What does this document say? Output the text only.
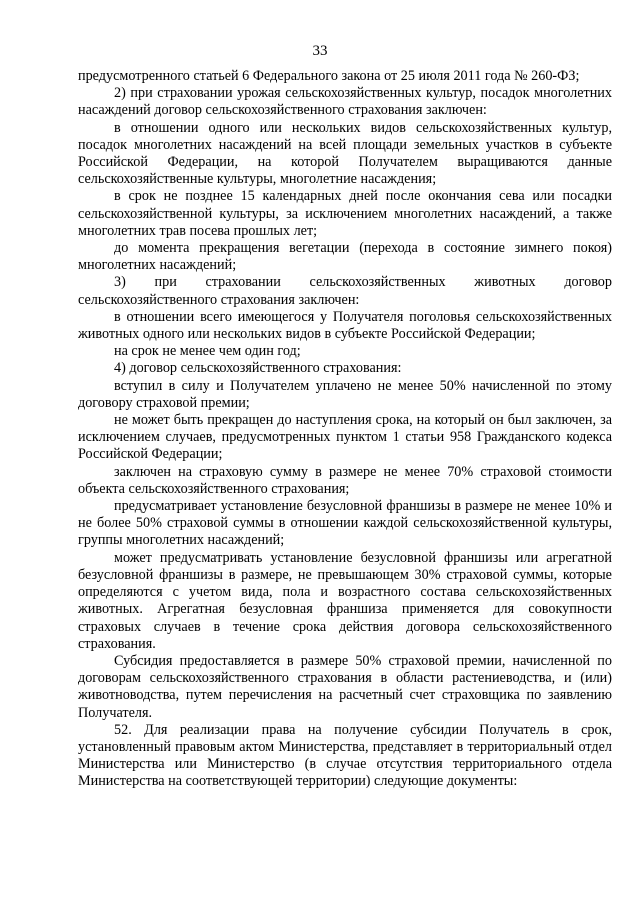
33

предусмотренного статьей 6 Федерального закона от 25 июля 2011 года № 260-ФЗ;

2) при страховании урожая сельскохозяйственных культур, посадок многолетних насаждений договор сельскохозяйственного страхования заключен:

в отношении одного или нескольких видов сельскохозяйственных культур, посадок многолетних насаждений на всей площади земельных участков в субъекте Российской Федерации, на которой Получателем выращиваются данные сельскохозяйственные культуры, многолетние насаждения;

в срок не позднее 15 календарных дней после окончания сева или посадки сельскохозяйственной культуры, за исключением многолетних насаждений, а также многолетних трав посева прошлых лет;

до момента прекращения вегетации (перехода в состояние зимнего покоя) многолетних насаждений;

3) при страховании сельскохозяйственных животных договор сельскохозяйственного страхования заключен:

в отношении всего имеющегося у Получателя поголовья сельскохозяйственных животных одного или нескольких видов в субъекте Российской Федерации;

на срок не менее чем один год;

4) договор сельскохозяйственного страхования:

вступил в силу и Получателем уплачено не менее 50% начисленной по этому договору страховой премии;

не может быть прекращен до наступления срока, на который он был заключен, за исключением случаев, предусмотренных пунктом 1 статьи 958 Гражданского кодекса Российской Федерации;

заключен на страховую сумму в размере не менее 70% страховой стоимости объекта сельскохозяйственного страхования;

предусматривает установление безусловной франшизы в размере не менее 10% и не более 50% страховой суммы в отношении каждой сельскохозяйственной культуры, группы многолетних насаждений;

может предусматривать установление безусловной франшизы или агрегатной безусловной франшизы в размере, не превышающем 30% страховой суммы, которые определяются с учетом вида, пола и возрастного состава сельскохозяйственных животных. Агрегатная безусловная франшиза применяется для совокупности страховых случаев в течение срока действия договора сельскохозяйственного страхования.

Субсидия предоставляется в размере 50% страховой премии, начисленной по договорам сельскохозяйственного страхования в области растениеводства, и (или) животноводства, путем перечисления на расчетный счет страховщика по заявлению Получателя.

52. Для реализации права на получение субсидии Получатель в срок, установленный правовым актом Министерства, представляет в территориальный отдел Министерства или Министерство (в случае отсутствия территориального отдела Министерства на соответствующей территории) следующие документы:
